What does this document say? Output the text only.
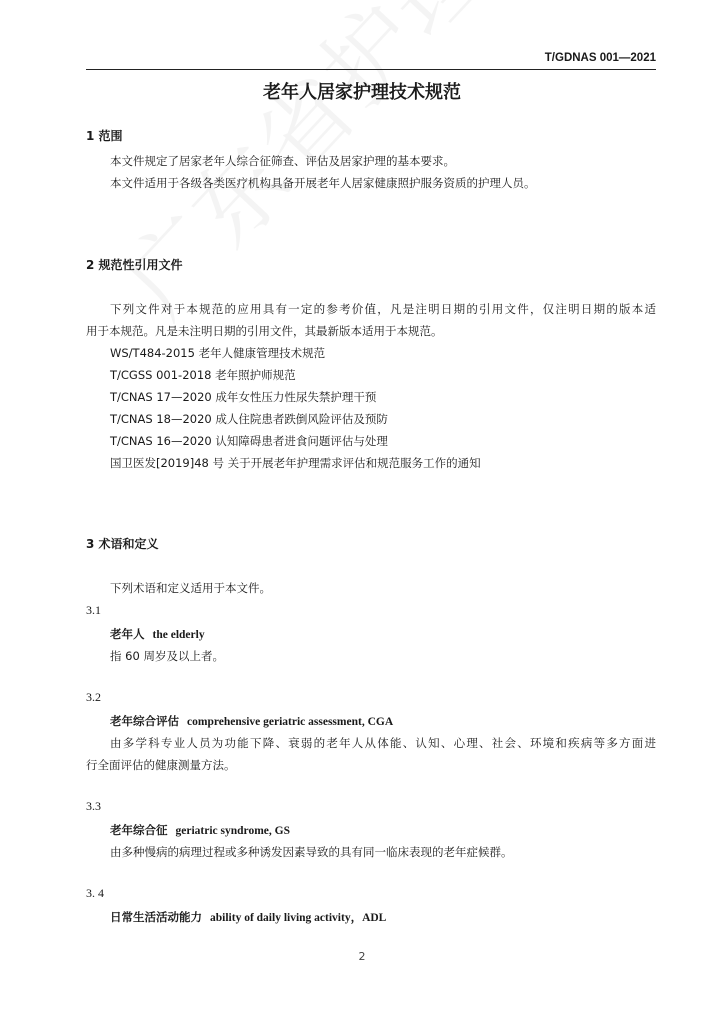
T/GDNAS 001—2021
老年人居家护理技术规范
1 范围
本文件规定了居家老年人综合征筛查、评估及居家护理的基本要求。
本文件适用于各级各类医疗机构具备开展老年人居家健康照护服务资质的护理人员。
2 规范性引用文件
下列文件对于本规范的应用具有一定的参考价值，凡是注明日期的引用文件，仅注明日期的版本适
用于本规范。凡是未注明日期的引用文件，其最新版本适用于本规范。
WS/T484-2015 老年人健康管理技术规范
T/CGSS 001-2018 老年照护师规范
T/CNAS 17—2020 成年女性压力性尿失禁护理干预
T/CNAS 18—2020 成人住院患者跌倒风险评估及预防
T/CNAS 16—2020 认知障碍患者进食问题评估与处理
国卫医发[2019]48 号 关于开展老年护理需求评估和规范服务工作的通知
3 术语和定义
下列术语和定义适用于本文件。
3.1
老年人 the elderly
指 60 周岁及以上者。
3.2
老年综合评估 comprehensive geriatric assessment, CGA
由多学科专业人员为功能下降、衰弱的老年人从体能、认知、心理、社会、环境和疾病等多方面进
行全面评估的健康测量方法。
3.3
老年综合征 geriatric syndrome, GS
由多种慢病的病理过程或多种诱发因素导致的具有同一临床表现的老年症候群。
3. 4
日常生活活动能力 ability of daily living activity，ADL
2
